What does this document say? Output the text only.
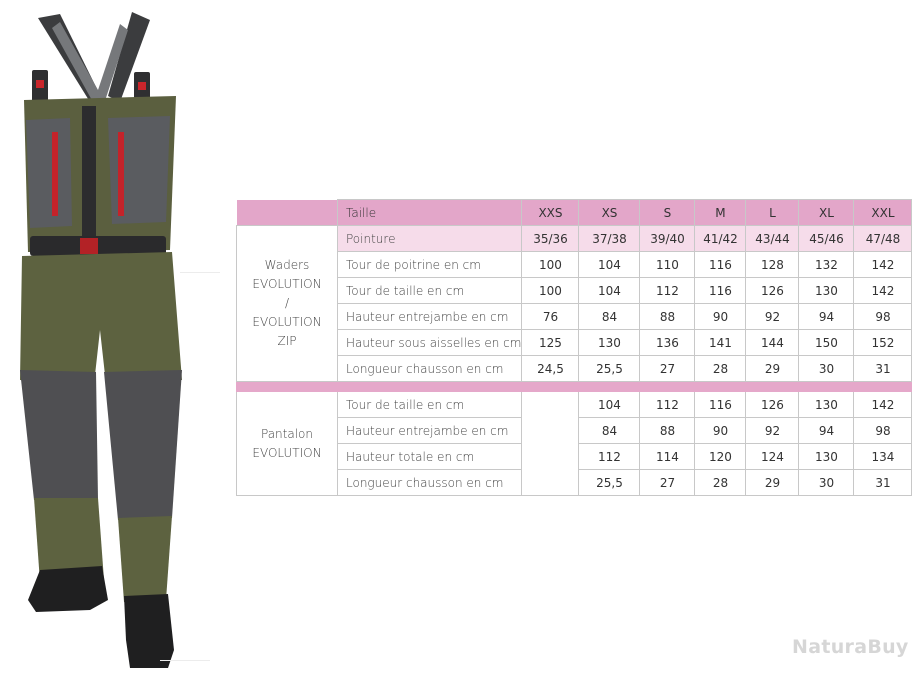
	Taille	XXS	XS	S	M	L	XL	XXL
Waders
EVOLUTION
/
EVOLUTION
ZIP	Pointure	35/36	37/38	39/40	41/42	43/44	45/46	47/48
	Tour de poitrine en cm	100	104	110	116	128	132	142
	Tour de taille en cm	100	104	112	116	126	130	142
	Hauteur entrejambe en cm	76	84	88	90	92	94	98
	Hauteur sous aisselles en cm	125	130	136	141	144	150	152
	Longueur chausson en cm	24,5	25,5	27	28	29	30	31

Pantalon
EVOLUTION	Tour de taille en cm		104	112	116	126	130	142
	Hauteur entrejambe en cm		84	88	90	92	94	98
	Hauteur totale en cm		112	114	120	124	130	134
	Longueur chausson en cm		25,5	27	28	29	30	31
NaturaBuy
